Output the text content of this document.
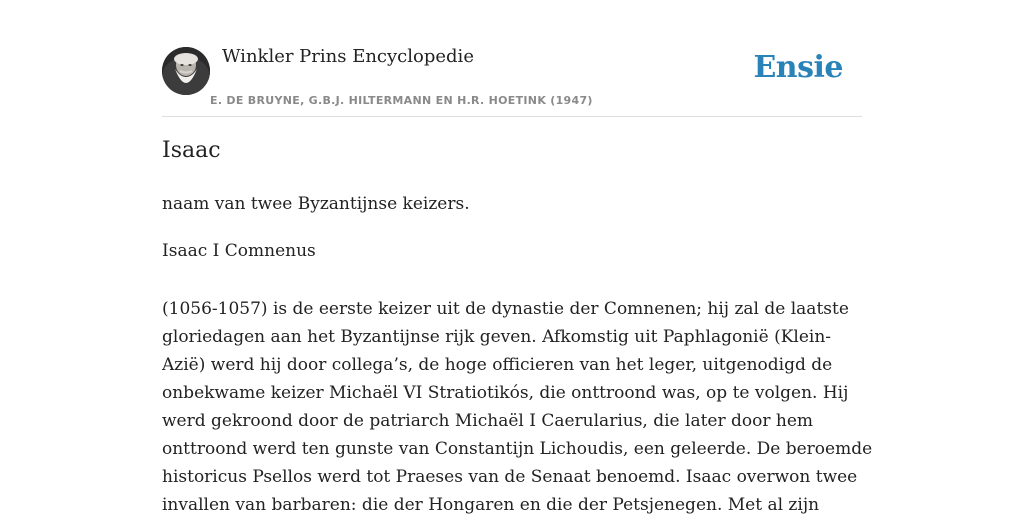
Winkler Prins Encyclopedie
E. DE BRUYNE, G.B.J. HILTERMANN EN H.R. HOETINK (1947)
Ensie
Isaac

naam van twee Byzantijnse keizers.

Isaac I Comnenus

(1056-1057) is de eerste keizer uit de dynastie der Comnenen; hij zal de laatste
gloriedagen aan het Byzantijnse rijk geven. Afkomstig uit Paphlagonië (Klein-
Azië) werd hij door collega’s, de hoge officieren van het leger, uitgenodigd de
onbekwame keizer Michaël VI Stratiotikós, die onttroond was, op te volgen. Hij
werd gekroond door de patriarch Michaël I Caerularius, die later door hem
onttroond werd ten gunste van Constantijn Lichoudis, een geleerde. De beroemde
historicus Psellos werd tot Praeses van de Senaat benoemd. Isaac overwon twee
invallen van barbaren: die der Hongaren en die der Petsjenegen. Met al zijn
